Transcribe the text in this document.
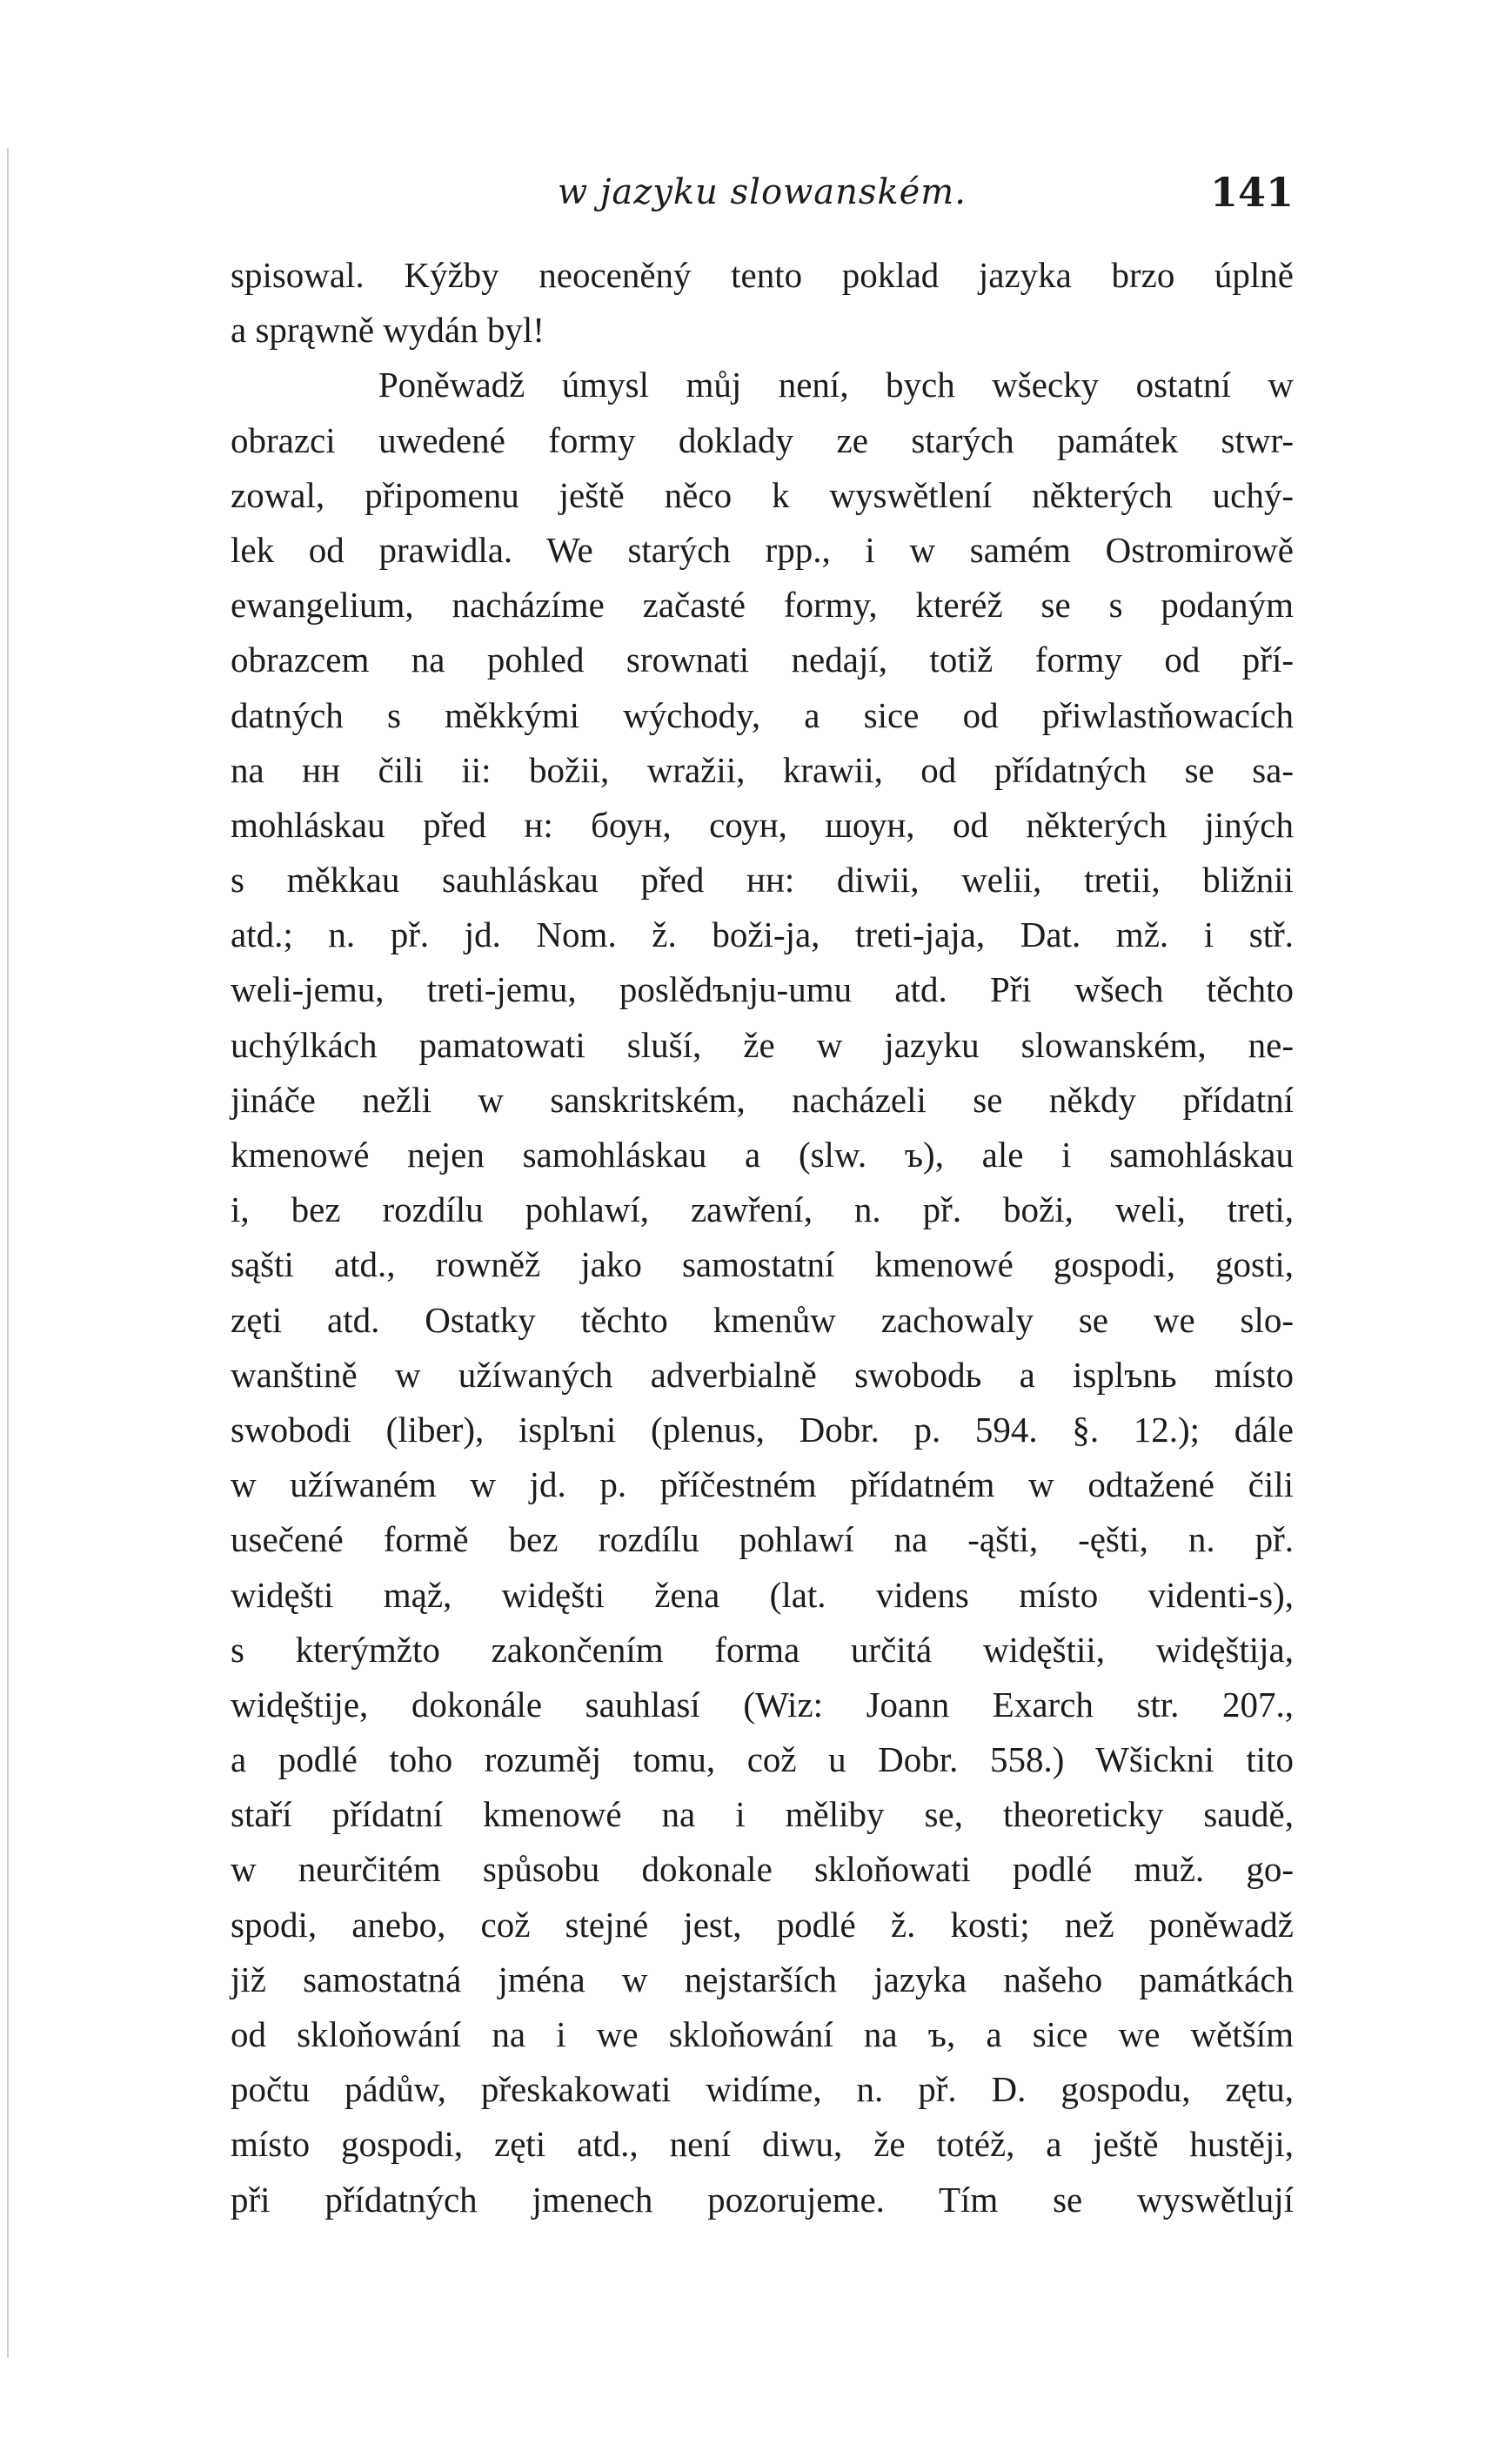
w jazyku slowanském.	141
spisowal. Kýžby neoceněný tento poklad jazyka brzo úplně
a sprąwně wydán byl!
Poněwadž úmysl můj není, bych wšecky ostatní w
obrazci uwedené formy doklady ze starých památek stwr-
zowal, připomenu ještě něco k wyswětlení některých uchý-
lek od prawidla. We starých rpp., i w samém Ostromirowě
ewangelium, nacházíme začasté formy, kteréž se s podaným
obrazcem na pohled srownati nedají, totiž formy od pří-
datných s měkkými wýchody, a sice od přiwlastňowacích
na нн čili ii: božii, wražii, krawii, od přídatných se sa-
mohláskau před н: боун, соун, шоун, od některých jiných
s měkkau sauhláskau před нн: diwii, welii, tretii, bližnii
atd.; n. př. jd. Nom. ž. boži-ja, treti-jaja, Dat. mž. i stř.
weli-jemu, treti-jemu, poslědъnju-umu atd. Při wšech těchto
uchýlkách pamatowati sluší, že w jazyku slowanském, ne-
jináče nežli w sanskritském, nacházeli se někdy přídatní
kmenowé nejen samohláskau a (slw. ъ), ale i samohláskau
i, bez rozdílu pohlawí, zawření, n. př. boži, weli, treti,
sąšti atd., rowněž jako samostatní kmenowé gospodi, gosti,
zęti atd. Ostatky těchto kmenůw zachowaly se we slo-
wanštině w užíwaných adverbialně swobodь a isplъnь místo
swobodi (liber), isplъni (plenus, Dobr. p. 594. §. 12.); dále
w užíwaném w jd. p. příčestném přídatném w odtažené čili
usečené formě bez rozdílu pohlawí na -ąšti, -ęšti, n. př.
widęšti mąž, widęšti žena (lat. videns místo videnti-s),
s kterýmžto zakončením forma určitá widęštii, widęštija,
widęštije, dokonále sauhlasí (Wiz: Joann Exarch str. 207.,
a podlé toho rozuměj tomu, což u Dobr. 558.) Wšickni tito
staří přídatní kmenowé na i měliby se, theoreticky saudě,
w neurčitém spůsobu dokonale skloňowati podlé muž. go-
spodi, anebo, což stejné jest, podlé ž. kosti; než poněwadž
již samostatná jména w nejstarších jazyka našeho památkách
od skloňowání na i we skloňowání na ъ, a sice we wětším
počtu pádůw, přeskakowati widíme, n. př. D. gospodu, zętu,
místo gospodi, zęti atd., není diwu, že totéž, a ještě hustěji,
při přídatných jmenech pozorujeme. Tím se wyswětlují
